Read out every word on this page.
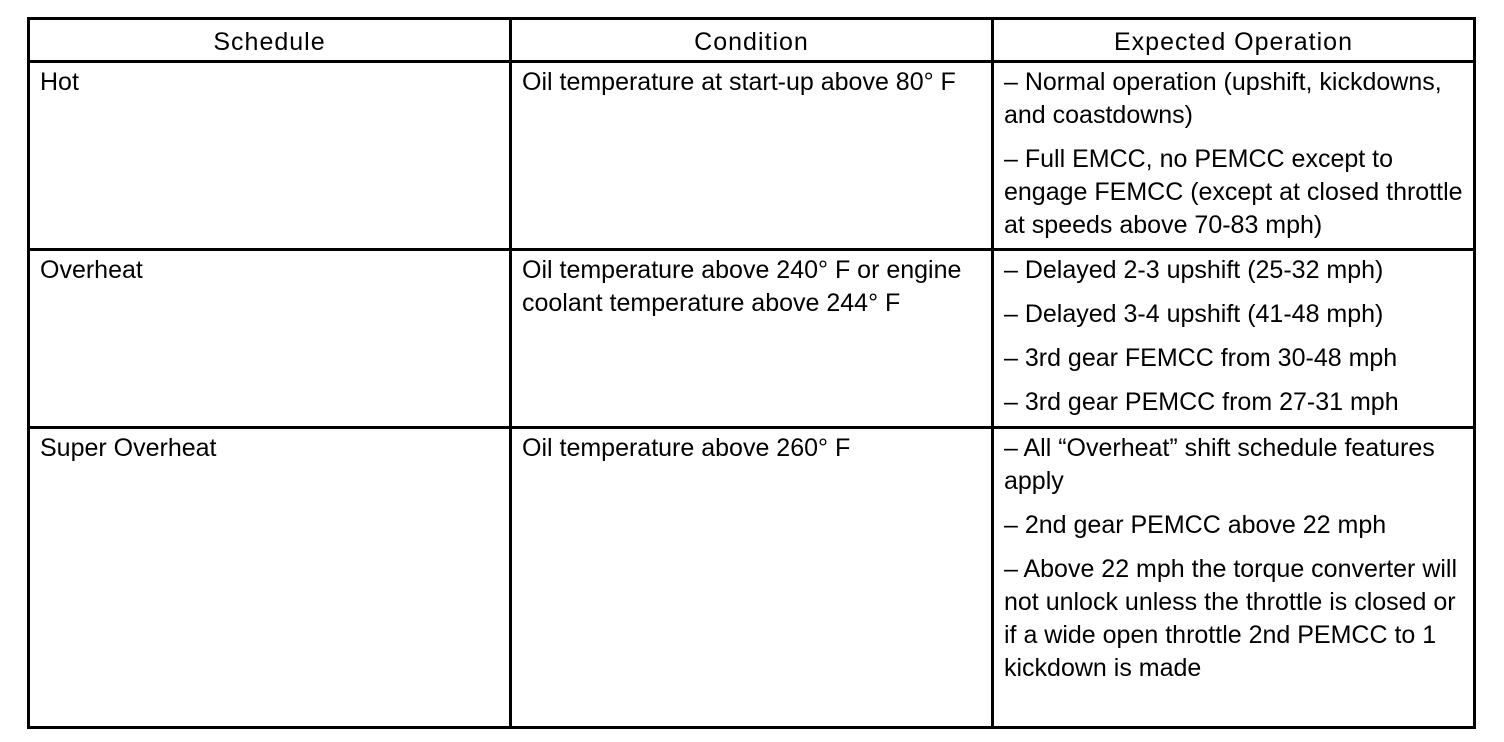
Schedule	Condition	Expected Operation
Hot	Oil temperature at start-up above 80° F	– Normal operation (upshift, kickdowns, and coastdowns)
– Full EMCC, no PEMCC except to engage FEMCC (except at closed throttle at speeds above 70-83 mph)

Overheat	Oil temperature above 240° F or engine coolant temperature above 244° F	– Delayed 2-3 upshift (25-32 mph)
– Delayed 3-4 upshift (41-48 mph)
– 3rd gear FEMCC from 30-48 mph
– 3rd gear PEMCC from 27-31 mph

Super Overheat	Oil temperature above 260° F	– All “Overheat” shift schedule features apply
– 2nd gear PEMCC above 22 mph
– Above 22 mph the torque converter will not unlock unless the throttle is closed or if a wide open throttle 2nd PEMCC to 1 kickdown is made
